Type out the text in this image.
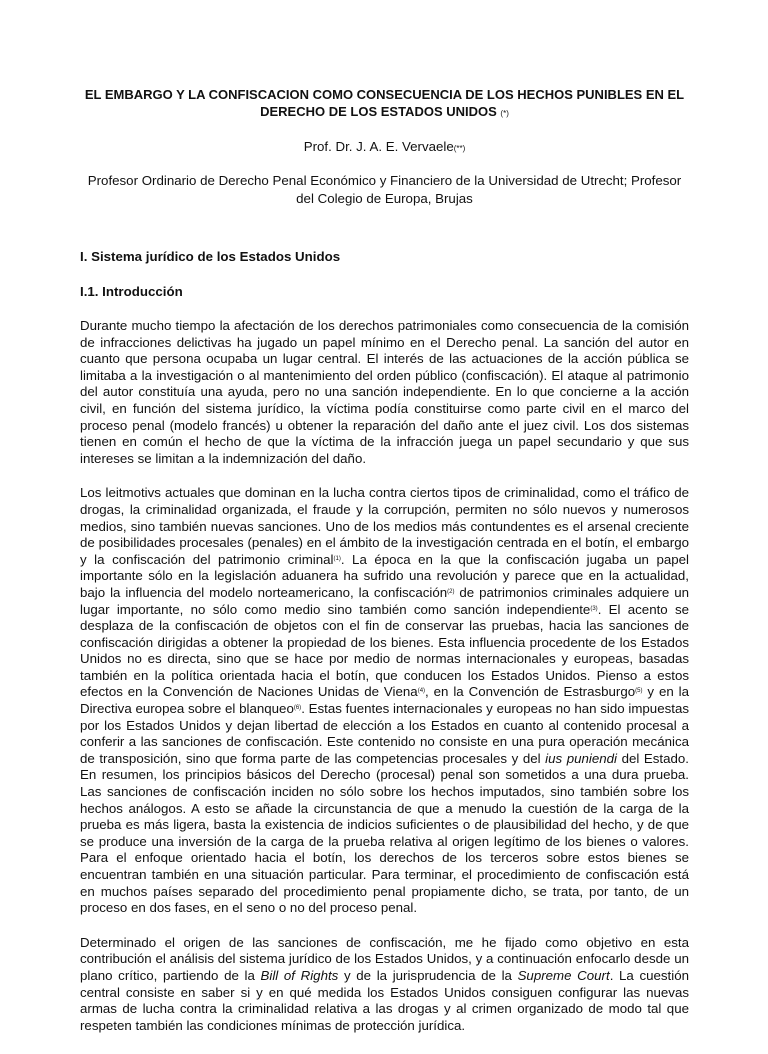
EL EMBARGO Y LA CONFISCACION COMO CONSECUENCIA DE LOS HECHOS PUNIBLES EN EL DERECHO DE LOS ESTADOS UNIDOS (*)
Prof. Dr. J. A. E. Vervaele(**)
Profesor Ordinario de Derecho Penal Económico y Financiero de la Universidad de Utrecht; Profesor del Colegio de Europa, Brujas
I. Sistema jurídico de los Estados Unidos
I.1. Introducción
Durante mucho tiempo la afectación de los derechos patrimoniales como consecuencia de la comisión de infracciones delictivas ha jugado un papel mínimo en el Derecho penal. La sanción del autor en cuanto que persona ocupaba un lugar central. El interés de las actuaciones de la acción pública se limitaba a la investigación o al mantenimiento del orden público (confiscación). El ataque al patrimonio del autor constituía una ayuda, pero no una sanción independiente. En lo que concierne a la acción civil, en función del sistema jurídico, la víctima podía constituirse como parte civil en el marco del proceso penal (modelo francés) u obtener la reparación del daño ante el juez civil. Los dos sistemas tienen en común el hecho de que la víctima de la infracción juega un papel secundario y que sus intereses se limitan a la indemnización del daño.
Los leitmotivs actuales que dominan en la lucha contra ciertos tipos de criminalidad, como el tráfico de drogas, la criminalidad organizada, el fraude y la corrupción, permiten no sólo nuevos y numerosos medios, sino también nuevas sanciones. Uno de los medios más contundentes es el arsenal creciente de posibilidades procesales (penales) en el ámbito de la investigación centrada en el botín, el embargo y la confiscación del patrimonio criminal$^{(1)}$. La época en la que la confiscación jugaba un papel importante sólo en la legislación aduanera ha sufrido una revolución y parece que en la actualidad, bajo la influencia del modelo norteamericano, la confiscación$^{(2)}$ de patrimonios criminales adquiere un lugar importante, no sólo como medio sino también como sanción independiente$^{(3)}$. El acento se desplaza de la confiscación de objetos con el fin de conservar las pruebas, hacia las sanciones de confiscación dirigidas a obtener la propiedad de los bienes. Esta influencia procedente de los Estados Unidos no es directa, sino que se hace por medio de normas internacionales y europeas, basadas también en la política orientada hacia el botín, que conducen los Estados Unidos. Pienso a estos efectos en la Convención de Naciones Unidas de Viena$^{(4)}$, en la Convención de Estrasburgo$^{(5)}$ y en la Directiva europea sobre el blanqueo$^{(6)}$. Estas fuentes internacionales y europeas no han sido impuestas por los Estados Unidos y dejan libertad de elección a los Estados en cuanto al contenido procesal a conferir a las sanciones de confiscación. Este contenido no consiste en una pura operación mecánica de transposición, sino que forma parte de las competencias procesales y del ius puniendi del Estado. En resumen, los principios básicos del Derecho (procesal) penal son sometidos a una dura prueba. Las sanciones de confiscación inciden no sólo sobre los hechos imputados, sino también sobre los hechos análogos. A esto se añade la circunstancia de que a menudo la cuestión de la carga de la prueba es más ligera, basta la existencia de indicios suficientes o de plausibilidad del hecho, y de que se produce una inversión de la carga de la prueba relativa al origen legítimo de los bienes o valores. Para el enfoque orientado hacia el botín, los derechos de los terceros sobre estos bienes se encuentran también en una situación particular. Para terminar, el procedimiento de confiscación está en muchos países separado del procedimiento penal propiamente dicho, se trata, por tanto, de un proceso en dos fases, en el seno o no del proceso penal.
Determinado el origen de las sanciones de confiscación, me he fijado como objetivo en esta contribución el análisis del sistema jurídico de los Estados Unidos, y a continuación enfocarlo desde un plano crítico, partiendo de la Bill of Rights y de la jurisprudencia de la Supreme Court. La cuestión central consiste en saber si y en qué medida los Estados Unidos consiguen configurar las nuevas armas de lucha contra la criminalidad relativa a las drogas y al crimen organizado de modo tal que respeten también las condiciones mínimas de protección jurídica.
